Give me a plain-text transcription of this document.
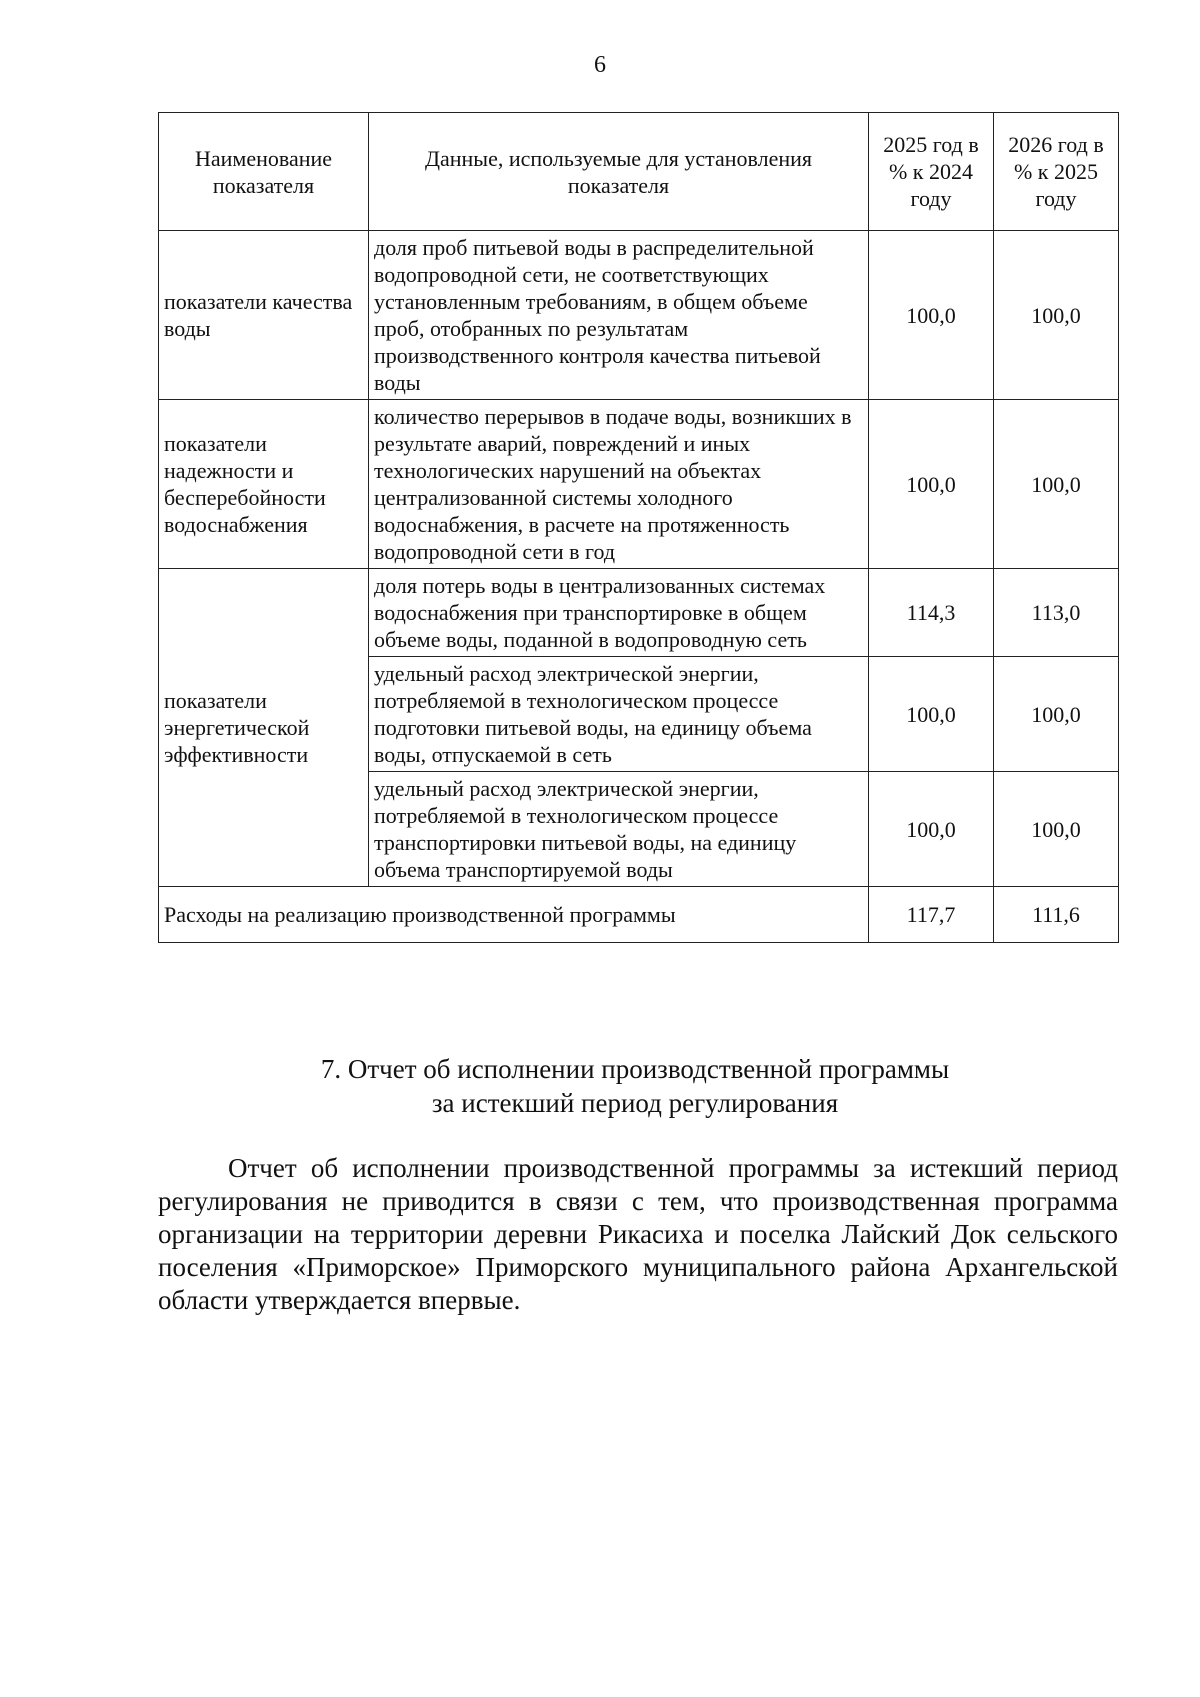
6
Наименование показателя	Данные, используемые для установления показателя	2025 год в % к 2024 году	2026 год в % к 2025 году
показатели качества воды	доля проб питьевой воды в распределительной водопроводной сети, не соответствующих установленным требованиям, в общем объеме проб, отобранных по результатам производственного контроля качества питьевой воды	100,0	100,0
показатели надежности и бесперебойности водоснабжения	количество перерывов в подаче воды, возникших в результате аварий, повреждений и иных технологических нарушений на объектах централизованной системы холодного водоснабжения, в расчете на протяженность водопроводной сети в год	100,0	100,0
показатели энергетической эффективности	доля потерь воды в централизованных системах водоснабжения при транспортировке в общем объеме воды, поданной в водопроводную сеть	114,3	113,0
	удельный расход электрической энергии, потребляемой в технологическом процессе подготовки питьевой воды, на единицу объема воды, отпускаемой в сеть	100,0	100,0
	удельный расход электрической энергии, потребляемой в технологическом процессе транспортировки питьевой воды, на единицу объема транспортируемой воды	100,0	100,0
Расходы на реализацию производственной программы		117,7	111,6
7. Отчет об исполнении производственной программы
за истекший период регулирования
Отчет об исполнении производственной программы за истекший период регулирования не приводится в связи с тем, что производственная программа организации на территории деревни Рикасиха и поселка Лайский Док сельского поселения «Приморское» Приморского муниципального района Архангельской области утверждается впервые.
